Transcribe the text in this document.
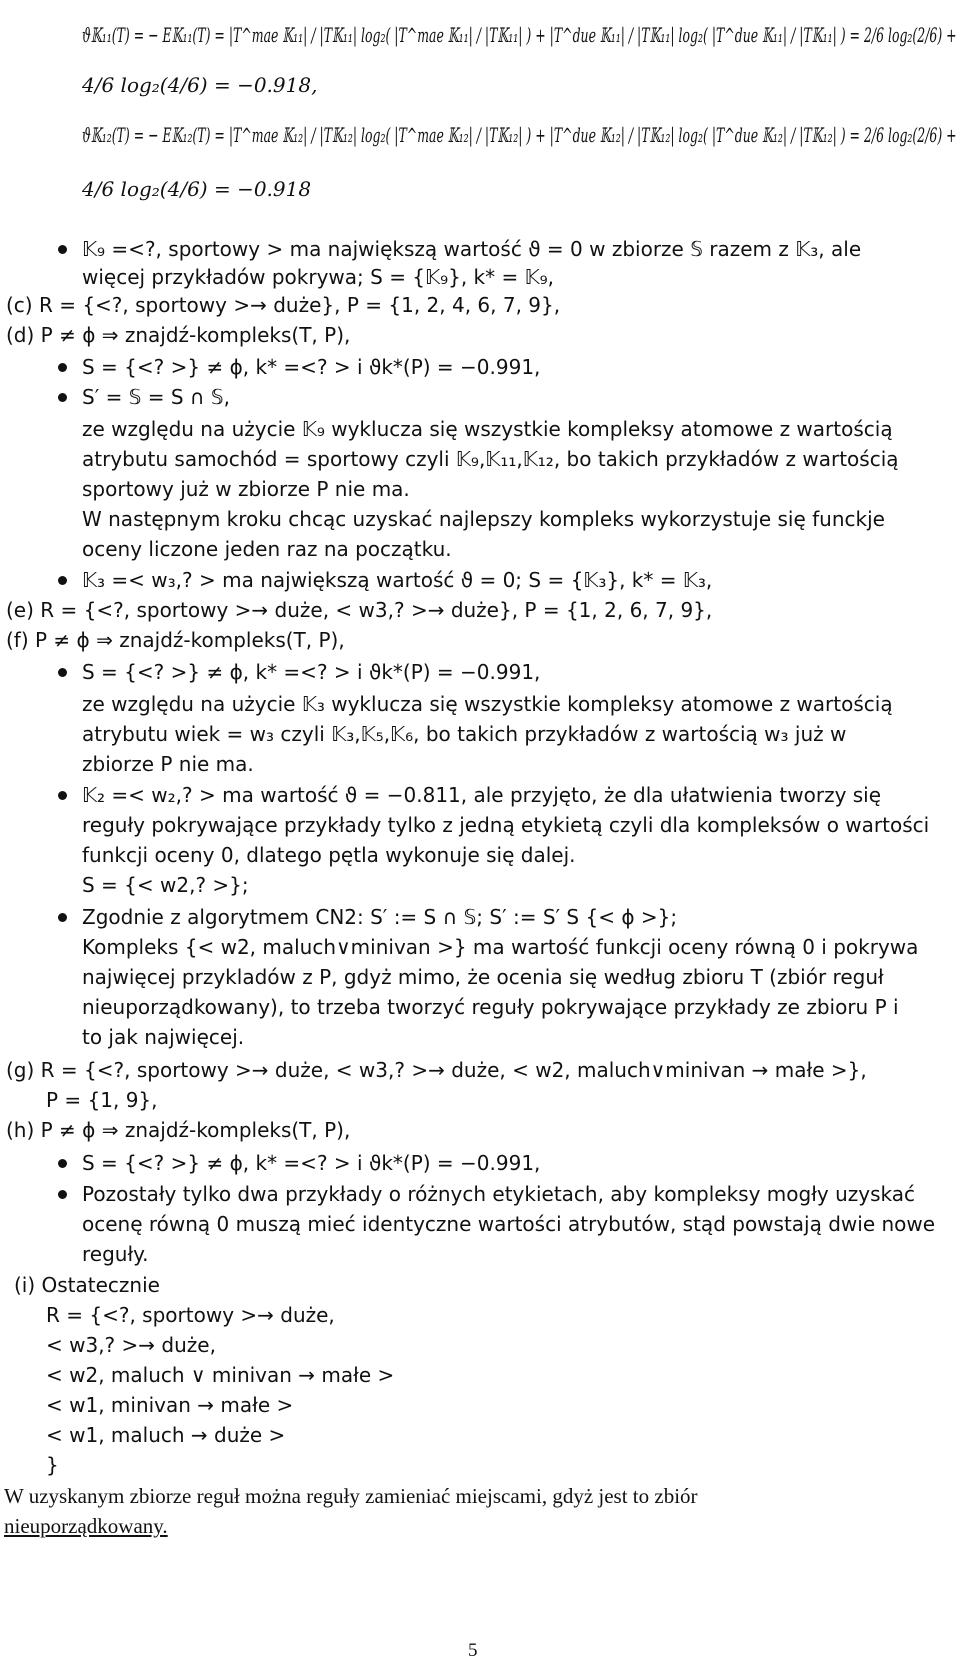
ϑ𝕂₁₁(T) = − E𝕂₁₁(T) = |T^mae 𝕂₁₁| / |T𝕂₁₁| log₂( |T^mae 𝕂₁₁| / |T𝕂₁₁| ) + |T^due 𝕂₁₁| / |T𝕂₁₁| log₂( |T^due 𝕂₁₁| / |T𝕂₁₁| ) = 2/6 log₂(2/6) +
4/6 log₂(4/6) = −0.918,
ϑ𝕂₁₂(T) = − E𝕂₁₂(T) = |T^mae 𝕂₁₂| / |T𝕂₁₂| log₂( |T^mae 𝕂₁₂| / |T𝕂₁₂| ) + |T^due 𝕂₁₂| / |T𝕂₁₂| log₂( |T^due 𝕂₁₂| / |T𝕂₁₂| ) = 2/6 log₂(2/6) +
4/6 log₂(4/6) = −0.918
𝕂₉ =<?, sportowy > ma największą wartość ϑ = 0 w zbiorze 𝕊 razem z 𝕂₃, ale
więcej przykładów pokrywa; S = {𝕂₉}, k* = 𝕂₉,
(c) R = {<?, sportowy >→ duże}, P = {1, 2, 4, 6, 7, 9},
(d) P ≠ ϕ ⇒ znajdź-kompleks(T, P),
S = {<? >} ≠ ϕ, k* =<? > i ϑk*(P) = −0.991,
S′ = 𝕊 = S ∩ 𝕊,
ze względu na użycie 𝕂₉ wyklucza się wszystkie kompleksy atomowe z wartością
atrybutu samochód = sportowy czyli 𝕂₉,𝕂₁₁,𝕂₁₂, bo takich przykładów z wartością
sportowy już w zbiorze P nie ma.
W następnym kroku chcąc uzyskać najlepszy kompleks wykorzystuje się funckje
oceny liczone jeden raz na początku.
𝕂₃ =< w₃,? > ma największą wartość ϑ = 0; S = {𝕂₃}, k* = 𝕂₃,
(e) R = {<?, sportowy >→ duże, < w3,? >→ duże}, P = {1, 2, 6, 7, 9},
(f) P ≠ ϕ ⇒ znajdź-kompleks(T, P),
S = {<? >} ≠ ϕ, k* =<? > i ϑk*(P) = −0.991,
ze względu na użycie 𝕂₃ wyklucza się wszystkie kompleksy atomowe z wartością
atrybutu wiek = w₃ czyli 𝕂₃,𝕂₅,𝕂₆, bo takich przykładów z wartością w₃ już w
zbiorze P nie ma.
𝕂₂ =< w₂,? > ma wartość ϑ = −0.811, ale przyjęto, że dla ułatwienia tworzy się
reguły pokrywające przykłady tylko z jedną etykietą czyli dla kompleksów o wartości
funkcji oceny 0, dlatego pętla wykonuje się dalej.
S = {< w2,? >};
Zgodnie z algorytmem CN2: S′ := S ∩ 𝕊; S′ := S′ S {< ϕ >};
Kompleks {< w2, maluch∨minivan >} ma wartość funkcji oceny równą 0 i pokrywa
najwięcej przykladów z P, gdyż mimo, że ocenia się według zbioru T (zbiór reguł
nieuporządkowany), to trzeba tworzyć reguły pokrywające przykłady ze zbioru P i
to jak najwięcej.
(g) R = {<?, sportowy >→ duże, < w3,? >→ duże, < w2, maluch∨minivan → małe >},
P = {1, 9},
(h) P ≠ ϕ ⇒ znajdź-kompleks(T, P),
S = {<? >} ≠ ϕ, k* =<? > i ϑk*(P) = −0.991,
Pozostały tylko dwa przykłady o różnych etykietach, aby kompleksy mogły uzyskać
ocenę równą 0 muszą mieć identyczne wartości atrybutów, stąd powstają dwie nowe
reguły.
(i) Ostatecznie
R = {<?, sportowy >→ duże,
< w3,? >→ duże,
< w2, maluch ∨ minivan → małe >
< w1, minivan → małe >
< w1, maluch → duże >
}
W uzyskanym zbiorze reguł można reguły zamieniać miejscami, gdyż jest to zbiór
nieuporządkowany.
5
